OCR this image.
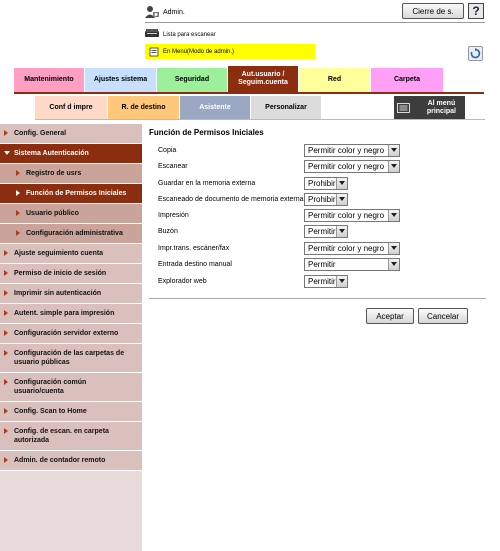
Admin.	Cierre de s.	?
Lista para escanear
En Menú(Modo de admin.)
Mantenimiento	Ajustes sistema	Seguridad
Aut.usuario / Seguim.cuenta	Red	Carpeta
Conf d impre	R. de destino	Asistente	Personalizar
Al menú principal
Config. General
Sistema Autenticación
Registro de usrs
Función de Permisos Iniciales
Usuario público
Configuración administrativa
Ajuste seguimiento cuenta
Permiso de inicio de sesión
Imprimir sin autenticación
Autent. simple para impresión
Configuración servidor externo
Configuración de las carpetas de usuario públicas
Configuración común usuario/cuenta
Config. Scan to Home
Config. de escan. en carpeta autorizada
Admin. de contador remoto
Función de Permisos Iniciales
Copia	Permitir color y negro
Escanear	Permitir color y negro
Guardar en la memoria externa	Prohibir
Escaneado de documento de memoria externa Prohibir
Impresión	Permitir color y negro
Buzón	Permitir
Impr.trans. escáner/fax	Permitir color y negro
Entrada destino manual	Permitir
Explorador web	Permitir
Aceptar	Cancelar
